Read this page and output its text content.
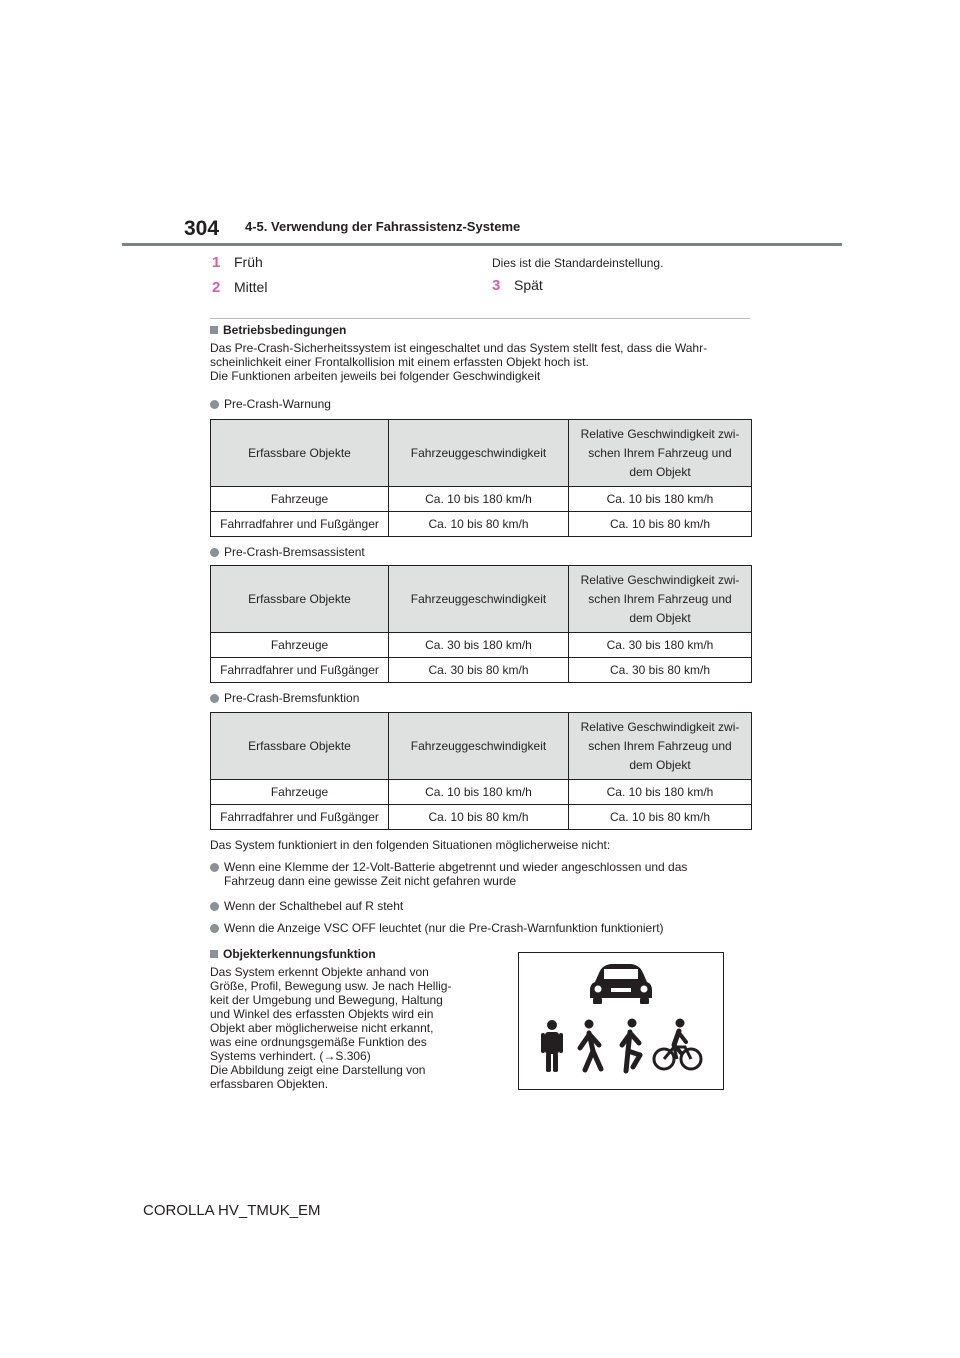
304 4-5. Verwendung der Fahrassistenz-Systeme
1 Früh
2 Mittel
Dies ist die Standardeinstellung.
3 Spät
Betriebsbedingungen
Das Pre-Crash-Sicherheitssystem ist eingeschaltet und das System stellt fest, dass die Wahr-
scheinlichkeit einer Frontalkollision mit einem erfassten Objekt hoch ist.
Die Funktionen arbeiten jeweils bei folgender Geschwindigkeit
Pre-Crash-Warnung
Erfassbare Objekte	Fahrzeuggeschwindigkeit	Relative Geschwindigkeit zwi-
schen Ihrem Fahrzeug und
dem Objekt

Fahrzeuge	Ca. 10 bis 180 km/h	Ca. 10 bis 180 km/h
Fahrradfahrer und Fußgänger	Ca. 10 bis 80 km/h	Ca. 10 bis 80 km/h
Pre-Crash-Bremsassistent
Erfassbare Objekte	Fahrzeuggeschwindigkeit	Relative Geschwindigkeit zwi-
schen Ihrem Fahrzeug und
dem Objekt

Fahrzeuge	Ca. 30 bis 180 km/h	Ca. 30 bis 180 km/h
Fahrradfahrer und Fußgänger	Ca. 30 bis 80 km/h	Ca. 30 bis 80 km/h
Pre-Crash-Bremsfunktion
Erfassbare Objekte	Fahrzeuggeschwindigkeit	Relative Geschwindigkeit zwi-
schen Ihrem Fahrzeug und
dem Objekt

Fahrzeuge	Ca. 10 bis 180 km/h	Ca. 10 bis 180 km/h
Fahrradfahrer und Fußgänger	Ca. 10 bis 80 km/h	Ca. 10 bis 80 km/h
Das System funktioniert in den folgenden Situationen möglicherweise nicht:
Wenn eine Klemme der 12-Volt-Batterie abgetrennt und wieder angeschlossen und das
Fahrzeug dann eine gewisse Zeit nicht gefahren wurde
Wenn der Schalthebel auf R steht
Wenn die Anzeige VSC OFF leuchtet (nur die Pre-Crash-Warnfunktion funktioniert)
Objekterkennungsfunktion
Das System erkennt Objekte anhand von
Größe, Profil, Bewegung usw. Je nach Hellig-
keit der Umgebung und Bewegung, Haltung
und Winkel des erfassten Objekts wird ein
Objekt aber möglicherweise nicht erkannt,
was eine ordnungsgemäße Funktion des
Systems verhindert. (→S.306)
Die Abbildung zeigt eine Darstellung von
erfassbaren Objekten.
COROLLA HV_TMUK_EM
